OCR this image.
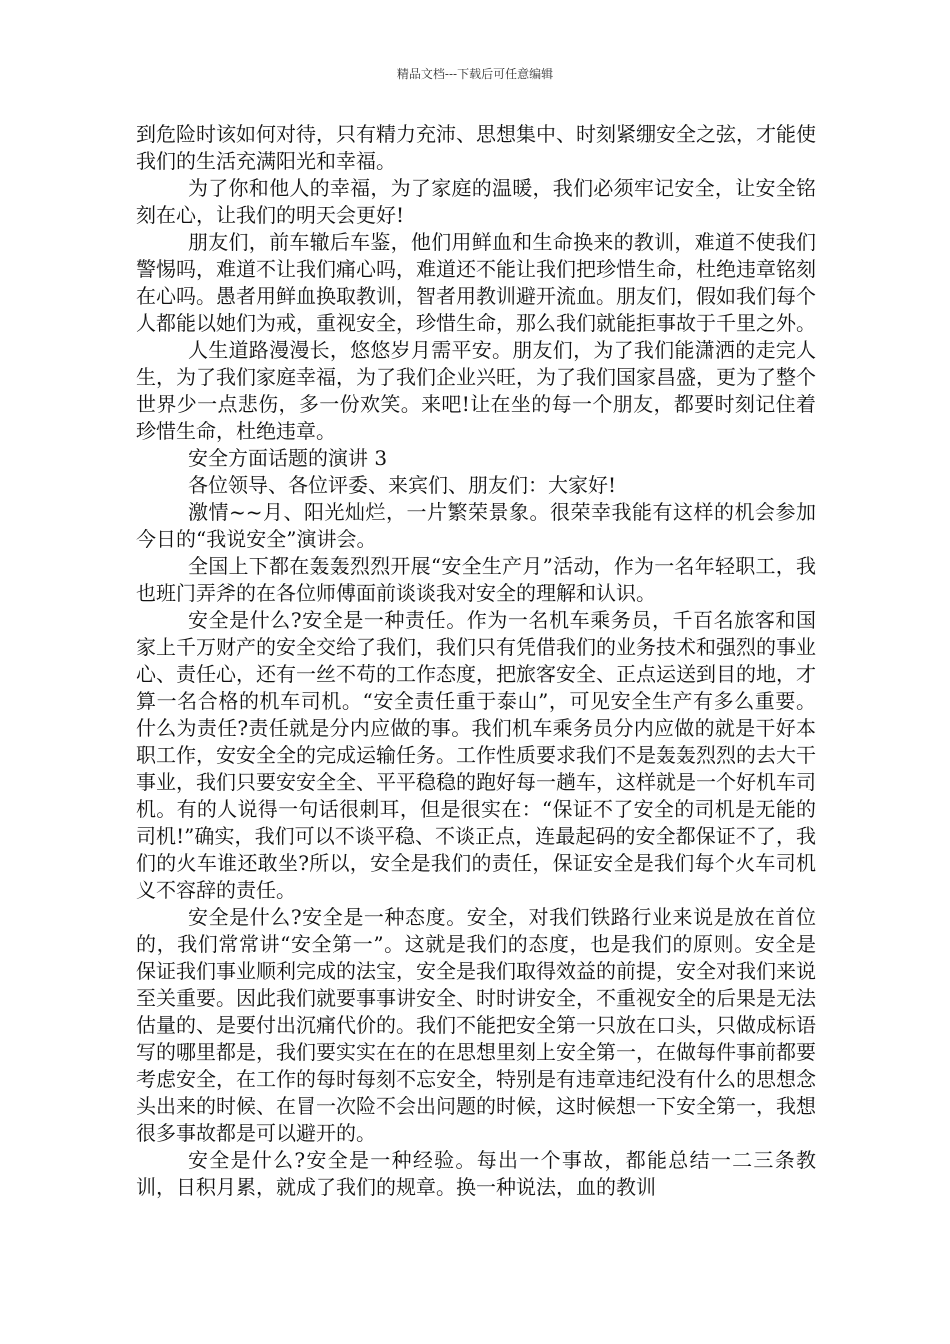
精品文档---下载后可任意编辑

到危险时该如何对待，只有精力充沛、思想集中、时刻紧绷安全之弦，才能使我们的生活充满阳光和幸福。

为了你和他人的幸福，为了家庭的温暖，我们必须牢记安全，让安全铭刻在心，让我们的明天会更好!

朋友们，前车辙后车鉴，他们用鲜血和生命换来的教训，难道不使我们警惕吗，难道不让我们痛心吗，难道还不能让我们把珍惜生命，杜绝违章铭刻在心吗。愚者用鲜血换取教训，智者用教训避开流血。朋友们，假如我们每个人都能以她们为戒，重视安全，珍惜生命，那么我们就能拒事故于千里之外。

人生道路漫漫长，悠悠岁月需平安。朋友们，为了我们能潇洒的走完人生，为了我们家庭幸福，为了我们企业兴旺，为了我们国家昌盛，更为了整个世界少一点悲伤，多一份欢笑。来吧!让在坐的每一个朋友，都要时刻记住着珍惜生命，杜绝违章。

安全方面话题的演讲 3

各位领导、各位评委、来宾们、朋友们：大家好!

激情~~月、阳光灿烂，一片繁荣景象。很荣幸我能有这样的机会参加今日的“我说安全”演讲会。

全国上下都在轰轰烈烈开展“安全生产月”活动，作为一名年轻职工，我也班门弄斧的在各位师傅面前谈谈我对安全的理解和认识。

安全是什么?安全是一种责任。作为一名机车乘务员，千百名旅客和国家上千万财产的安全交给了我们，我们只有凭借我们的业务技术和强烈的事业心、责任心，还有一丝不苟的工作态度，把旅客安全、正点运送到目的地，才算一名合格的机车司机。“安全责任重于泰山”，可见安全生产有多么重要。什么为责任?责任就是分内应做的事。我们机车乘务员分内应做的就是干好本职工作，安安全全的完成运输任务。工作性质要求我们不是轰轰烈烈的去大干事业，我们只要安安全全、平平稳稳的跑好每一趟车，这样就是一个好机车司机。有的人说得一句话很刺耳，但是很实在：“保证不了安全的司机是无能的司机!”确实，我们可以不谈平稳、不谈正点，连最起码的安全都保证不了，我们的火车谁还敢坐?所以，安全是我们的责任，保证安全是我们每个火车司机义不容辞的责任。

安全是什么?安全是一种态度。安全，对我们铁路行业来说是放在首位的，我们常常讲“安全第一”。这就是我们的态度，也是我们的原则。安全是保证我们事业顺利完成的法宝，安全是我们取得效益的前提，安全对我们来说至关重要。因此我们就要事事讲安全、时时讲安全，不重视安全的后果是无法估量的、是要付出沉痛代价的。我们不能把安全第一只放在口头，只做成标语写的哪里都是，我们要实实在在的在思想里刻上安全第一，在做每件事前都要考虑安全，在工作的每时每刻不忘安全，特别是有违章违纪没有什么的思想念头出来的时候、在冒一次险不会出问题的时候，这时候想一下安全第一，我想很多事故都是可以避开的。

安全是什么?安全是一种经验。每出一个事故，都能总结一二三条教训，日积月累，就成了我们的规章。换一种说法，血的教训
